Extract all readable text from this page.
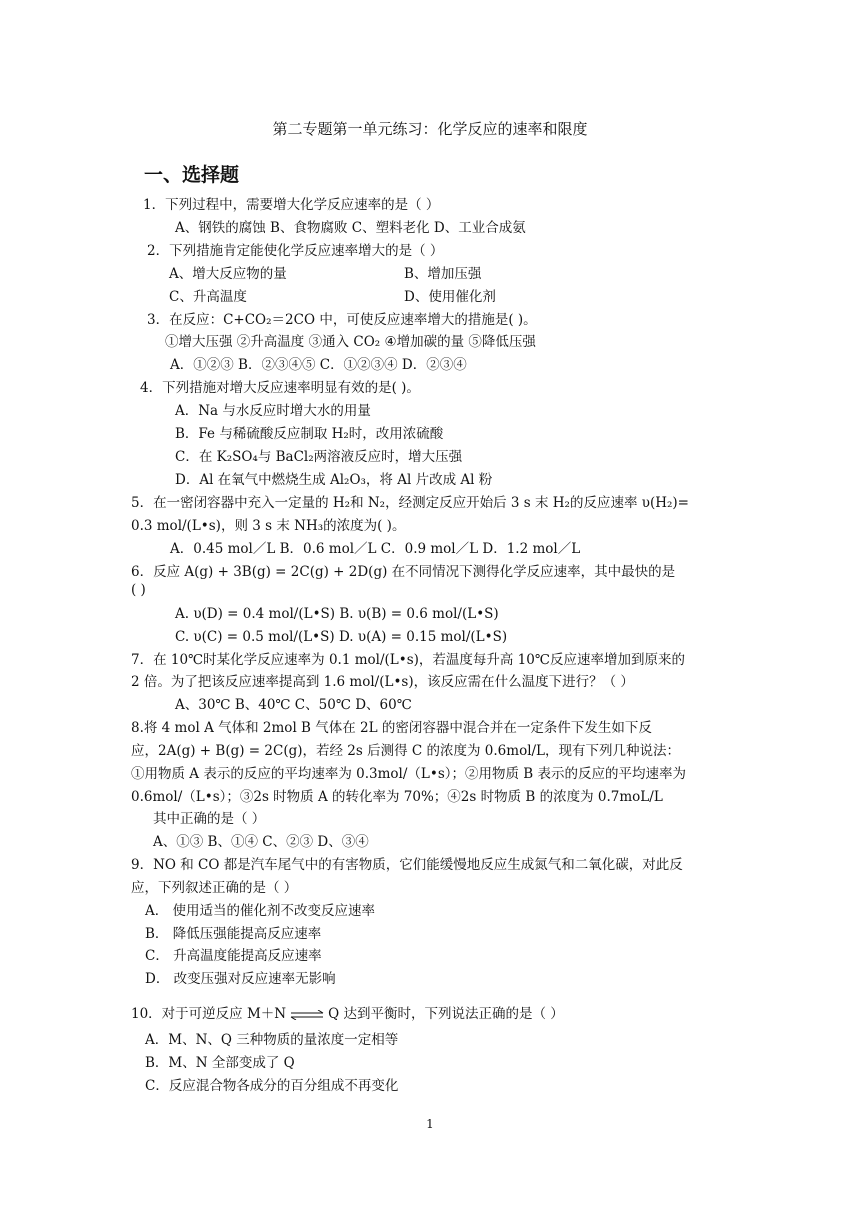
第二专题第一单元练习：化学反应的速率和限度
一、选择题
1．下列过程中，需要增大化学反应速率的是（ ）
A、钢铁的腐蚀 B、食物腐败 C、塑料老化 D、工业合成氨
2．下列措施肯定能使化学反应速率增大的是（ ）
A、增大反应物的量	B、增加压强
C、升高温度	D、使用催化剂
3．在反应：C+CO₂＝2CO 中，可使反应速率增大的措施是( )。
①增大压强 ②升高温度 ③通入 CO₂ ④增加碳的量 ⑤降低压强
A．①②③ B．②③④⑤ C．①②③④ D．②③④
4．下列措施对增大反应速率明显有效的是( )。
A．Na 与水反应时增大水的用量
B．Fe 与稀硫酸反应制取 H₂时，改用浓硫酸
C．在 K₂SO₄与 BaCl₂两溶液反应时，增大压强
D．Al 在氧气中燃烧生成 Al₂O₃，将 Al 片改成 Al 粉
5．在一密闭容器中充入一定量的 H₂和 N₂，经测定反应开始后 3 s 末 H₂的反应速率 υ(H₂)=
0.3 mol/(L•s)，则 3 s 末 NH₃的浓度为( )。
A．0.45 mol／L B．0.6 mol／L C．0.9 mol／L D．1.2 mol／L
6．反应 A(g) + 3B(g) = 2C(g) + 2D(g) 在不同情况下测得化学反应速率，其中最快的是
( )
A. υ(D) = 0.4 mol/(L•S) B. υ(B) = 0.6 mol/(L•S)
C. υ(C) = 0.5 mol/(L•S) D. υ(A) = 0.15 mol/(L•S)
7．在 10℃时某化学反应速率为 0.1 mol/(L•s)，若温度每升高 10℃反应速率增加到原来的
2 倍。为了把该反应速率提高到 1.6 mol/(L•s)，该反应需在什么温度下进行？（ ）
A、30℃ B、40℃ C、50℃ D、60℃
8.将 4 mol A 气体和 2mol B 气体在 2L 的密闭容器中混合并在一定条件下发生如下反
应，2A(g) + B(g) = 2C(g)，若经 2s 后测得 C 的浓度为 0.6mol/L，现有下列几种说法：
①用物质 A 表示的反应的平均速率为 0.3mol/（L•s）；②用物质 B 表示的反应的平均速率为
0.6mol/（L•s）；③2s 时物质 A 的转化率为 70%；④2s 时物质 B 的浓度为 0.7moL/L
其中正确的是（ ）
A、①③ B、①④ C、②③ D、③④
9．NO 和 CO 都是汽车尾气中的有害物质，它们能缓慢地反应生成氮气和二氧化碳，对此反
应，下列叙述正确的是（ ）
A． 使用适当的催化剂不改变反应速率
B． 降低压强能提高反应速率
C． 升高温度能提高反应速率
D． 改变压强对反应速率无影响
10．对于可逆反应 M＋N ⇌ Q 达到平衡时，下列说法正确的是（ ）
A．M、N、Q 三种物质的量浓度一定相等
B．M、N 全部变成了 Q
C．反应混合物各成分的百分组成不再变化
1
